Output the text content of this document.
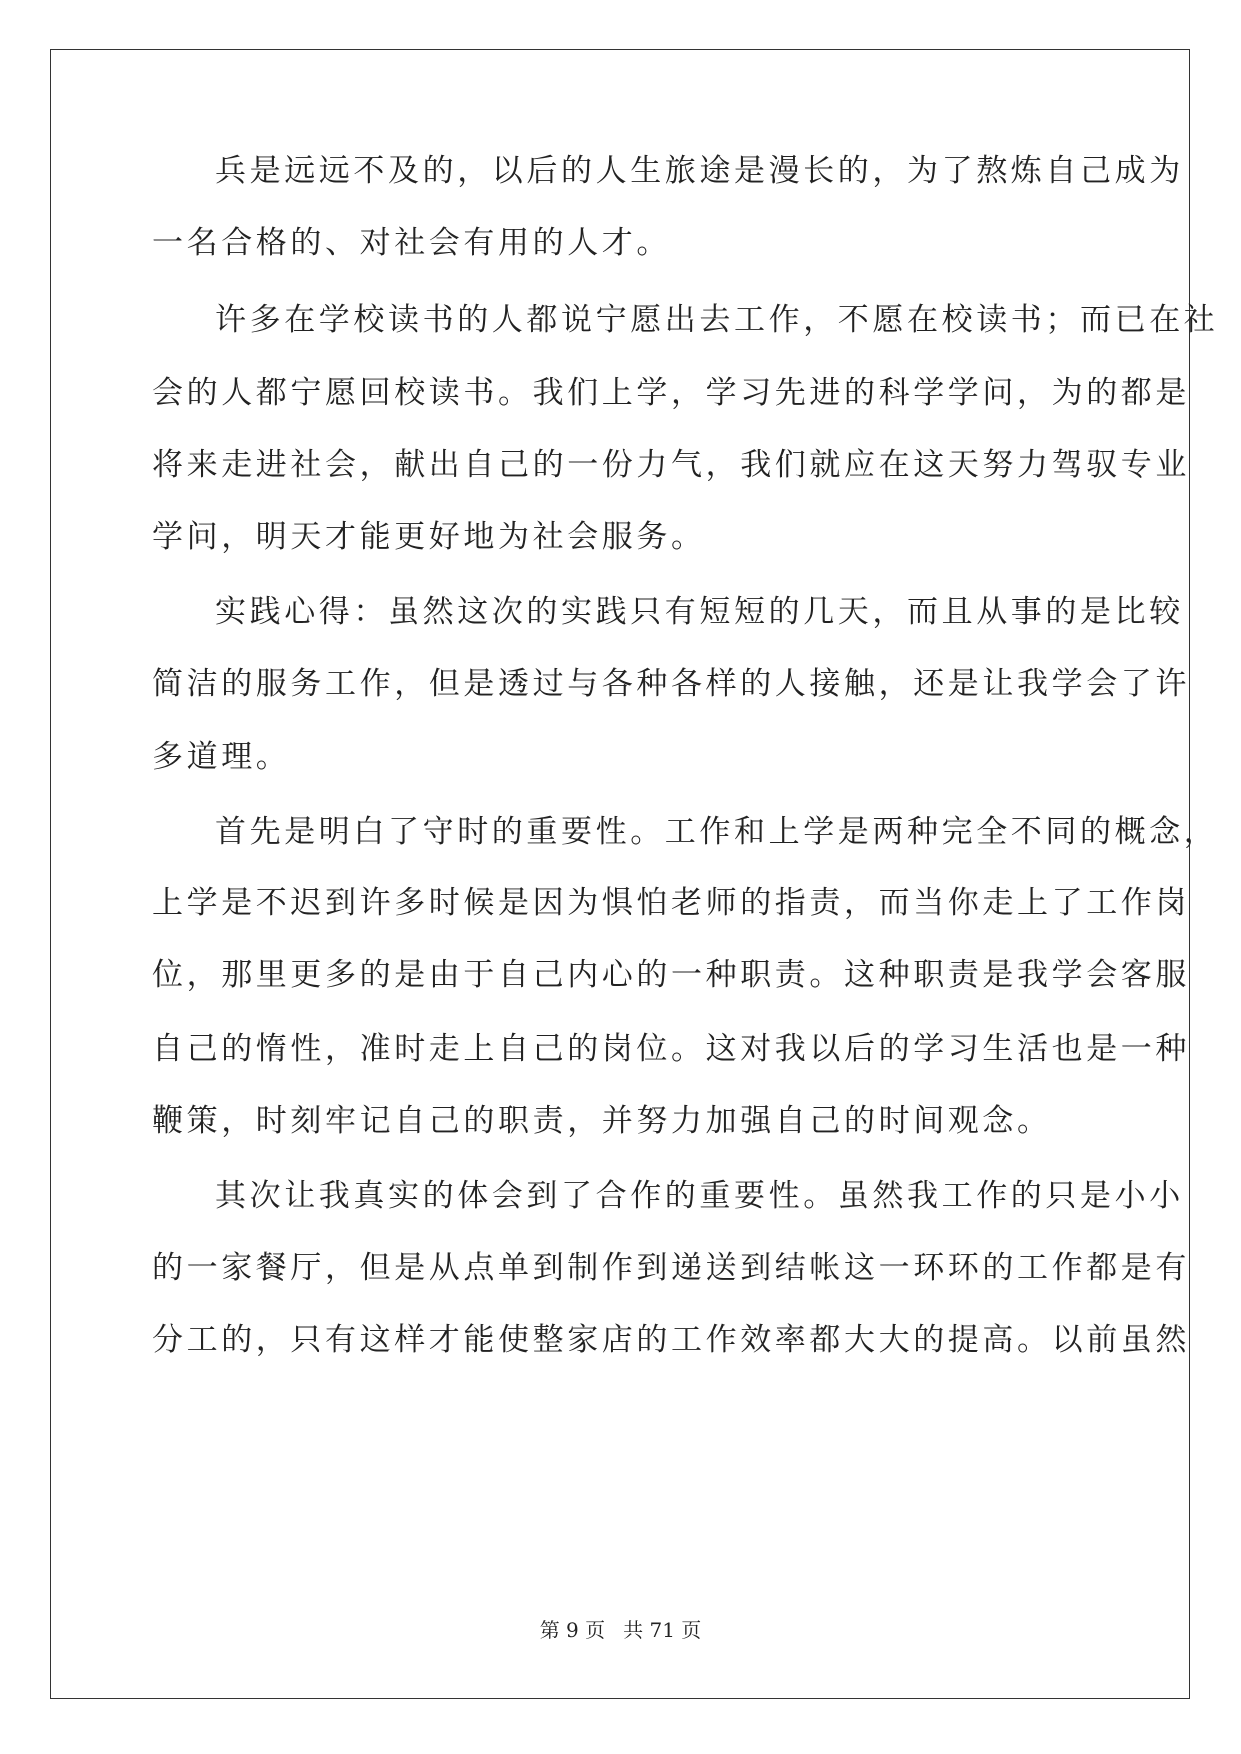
兵是远远不及的，以后的人生旅途是漫长的，为了熬炼自己成为
一名合格的、对社会有用的人才。
许多在学校读书的人都说宁愿出去工作，不愿在校读书；而已在社
会的人都宁愿回校读书。我们上学，学习先进的科学学问，为的都是
将来走进社会，献出自己的一份力气，我们就应在这天努力驾驭专业
学问，明天才能更好地为社会服务。
实践心得：虽然这次的实践只有短短的几天，而且从事的是比较
简洁的服务工作，但是透过与各种各样的人接触，还是让我学会了许
多道理。
首先是明白了守时的重要性。工作和上学是两种完全不同的概念，
上学是不迟到许多时候是因为惧怕老师的指责，而当你走上了工作岗
位，那里更多的是由于自己内心的一种职责。这种职责是我学会客服
自己的惰性，准时走上自己的岗位。这对我以后的学习生活也是一种
鞭策，时刻牢记自己的职责，并努力加强自己的时间观念。
其次让我真实的体会到了合作的重要性。虽然我工作的只是小小
的一家餐厅，但是从点单到制作到递送到结帐这一环环的工作都是有
分工的，只有这样才能使整家店的工作效率都大大的提高。以前虽然
第 9 页 共 71 页
